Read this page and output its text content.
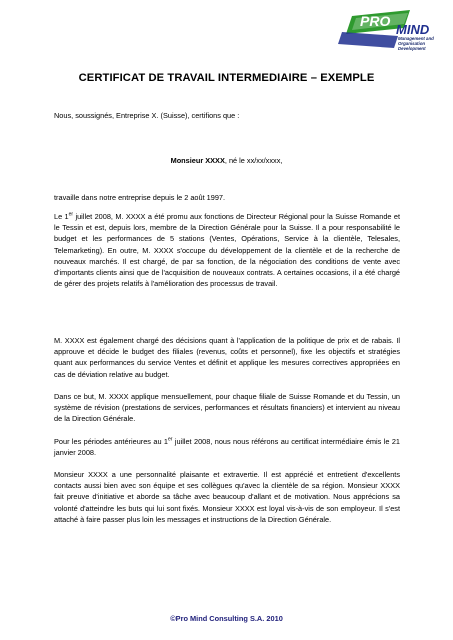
PRO
MIND
Management and
Organisation Development
CERTIFICAT DE TRAVAIL INTERMEDIAIRE – EXEMPLE

Nous, soussignés, Entreprise X. (Suisse), certifions que :

Monsieur XXXX, né le xx/xx/xxxx,

travaille dans notre entreprise depuis le 2 août 1997.

Le 1er juillet 2008, M. XXXX a été promu aux fonctions de Directeur Régional pour la Suisse Romande et le Tessin et est, depuis lors, membre de la Direction Générale pour la Suisse. Il a pour responsabilité le budget et les performances de 5 stations (Ventes, Opérations, Service à la clientèle, Telesales, Telemarketing). En outre, M. XXXX s'occupe du développement de la clientèle et de la recherche de nouveaux marchés. Il est chargé, de par sa fonction, de la négociation des conditions de vente avec d'importants clients ainsi que de l'acquisition de nouveaux contrats. A certaines occasions, il a été chargé de gérer des projets relatifs à l'amélioration des processus de travail.

M. XXXX est également chargé des décisions quant à l'application de la politique de prix et de rabais. Il approuve et décide le budget des filiales (revenus, coûts et personnel), fixe les objectifs et stratégies quant aux performances du service Ventes et définit et applique les mesures correctives appropriées en cas de déviation relative au budget.

Dans ce but, M. XXXX applique mensuellement, pour chaque filiale de Suisse Romande et du Tessin, un système de révision (prestations de services, performances et résultats financiers) et intervient au niveau de la Direction Générale.

Pour les périodes antérieures au 1er juillet 2008, nous nous référons au certificat intermédiaire émis le 21 janvier 2008.

Monsieur XXXX a une personnalité plaisante et extravertie. Il est apprécié et entretient d'excellents contacts aussi bien avec son équipe et ses collègues qu'avec la clientèle de sa région. Monsieur XXXX fait preuve d'initiative et aborde sa tâche avec beaucoup d'allant et de motivation. Nous apprécions sa volonté d'atteindre les buts qui lui sont fixés. Monsieur XXXX est loyal vis-à-vis de son employeur. Il s'est attaché à faire passer plus loin les messages et instructions de la Direction Générale.

©Pro Mind Consulting S.A. 2010
